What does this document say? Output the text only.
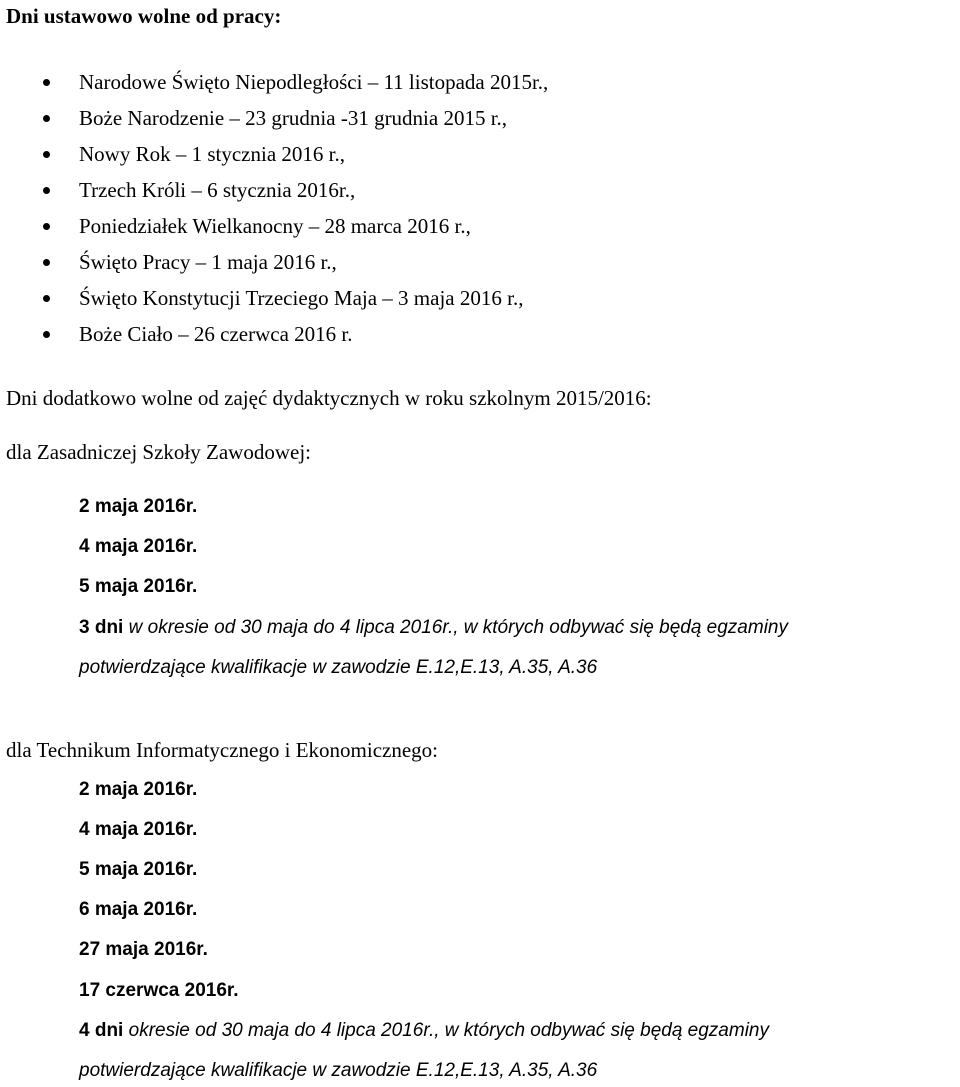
Dni ustawowo wolne od pracy:
Narodowe Święto Niepodległości – 11 listopada 2015r.,
Boże Narodzenie – 23 grudnia -31 grudnia 2015 r.,
Nowy Rok – 1 stycznia 2016 r.,
Trzech Króli – 6 stycznia 2016r.,
Poniedziałek Wielkanocny – 28 marca 2016 r.,
Święto Pracy – 1 maja 2016 r.,
Święto Konstytucji Trzeciego Maja – 3 maja 2016 r.,
Boże Ciało – 26 czerwca 2016 r.
Dni dodatkowo wolne od zajęć dydaktycznych w roku szkolnym 2015/2016:
dla Zasadniczej Szkoły Zawodowej:
2 maja 2016r.
4 maja 2016r.
5 maja 2016r.
3 dni w okresie od 30 maja do 4 lipca 2016r., w których odbywać się będą egzaminy
potwierdzające kwalifikacje w zawodzie E.12,E.13, A.35, A.36
dla Technikum Informatycznego i Ekonomicznego:
2 maja 2016r.
4 maja 2016r.
5 maja 2016r.
6 maja 2016r.
27 maja 2016r.
17 czerwca 2016r.
4 dni okresie od 30 maja do 4 lipca 2016r., w których odbywać się będą egzaminy
potwierdzające kwalifikacje w zawodzie E.12,E.13, A.35, A.36
